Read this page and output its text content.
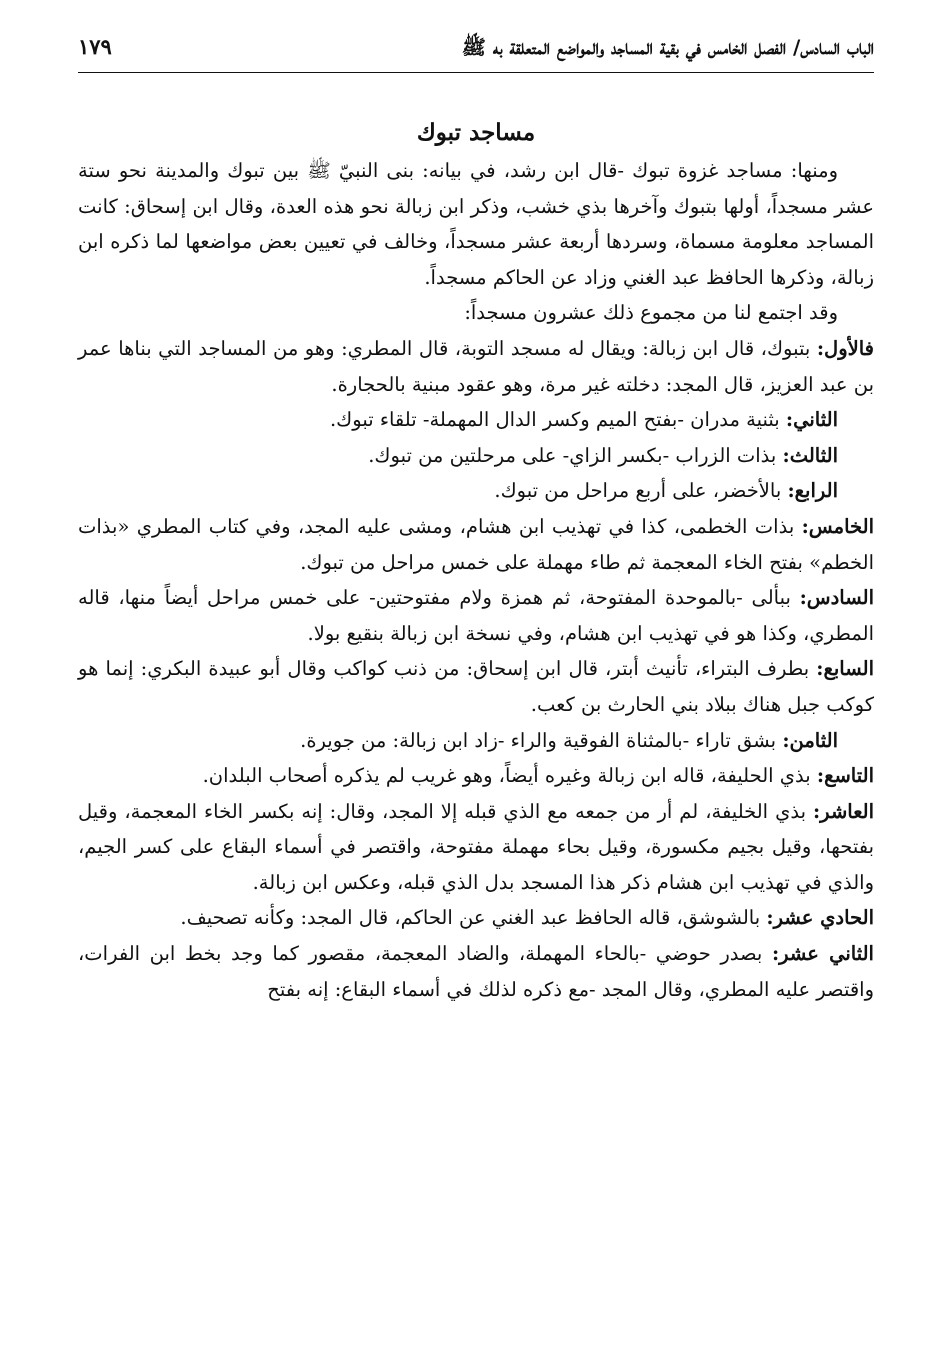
الباب السادس/ الفصل الخامس في بقية المساجد والمواضع المتعلقة به ﷺ
١٧٩
مساجد تبوك

ومنها: مساجد غزوة تبوك -قال ابن رشد، في بيانه: بنى النبيّ ﷺ بين تبوك والمدينة نحو ستة عشر مسجداً، أولها بتبوك وآخرها بذي خشب، وذكر ابن زبالة نحو هذه العدة، وقال ابن إسحاق: كانت المساجد معلومة مسماة، وسردها أربعة عشر مسجداً، وخالف في تعيين بعض مواضعها لما ذكره ابن زبالة، وذكرها الحافظ عبد الغني وزاد عن الحاكم مسجداً.

وقد اجتمع لنا من مجموع ذلك عشرون مسجداً:

فالأول: بتبوك، قال ابن زبالة: ويقال له مسجد التوبة، قال المطري: وهو من المساجد التي بناها عمر بن عبد العزيز، قال المجد: دخلته غير مرة، وهو عقود مبنية بالحجارة.

الثاني: بثنية مدران -بفتح الميم وكسر الدال المهملة- تلقاء تبوك.

الثالث: بذات الزراب -بكسر الزاي- على مرحلتين من تبوك.

الرابع: بالأخضر، على أربع مراحل من تبوك.

الخامس: بذات الخطمى، كذا في تهذيب ابن هشام، ومشى عليه المجد، وفي كتاب المطري «بذات الخطم» بفتح الخاء المعجمة ثم طاء مهملة على خمس مراحل من تبوك.

السادس: ببألى -بالموحدة المفتوحة، ثم همزة ولام مفتوحتين- على خمس مراحل أيضاً منها، قاله المطري، وكذا هو في تهذيب ابن هشام، وفي نسخة ابن زبالة بنقيع بولا.

السابع: بطرف البتراء، تأنيث أبتر، قال ابن إسحاق: من ذنب كواكب وقال أبو عبيدة البكري: إنما هو كوكب جبل هناك ببلاد بني الحارث بن كعب.

الثامن: بشق تاراء -بالمثناة الفوقية والراء -زاد ابن زبالة: من جويرة.

التاسع: بذي الحليفة، قاله ابن زبالة وغيره أيضاً، وهو غريب لم يذكره أصحاب البلدان.

العاشر: بذي الخليفة، لم أر من جمعه مع الذي قبله إلا المجد، وقال: إنه بكسر الخاء المعجمة، وقيل بفتحها، وقيل بجيم مكسورة، وقيل بحاء مهملة مفتوحة، واقتصر في أسماء البقاع على كسر الجيم، والذي في تهذيب ابن هشام ذكر هذا المسجد بدل الذي قبله، وعكس ابن زبالة.

الحادي عشر: بالشوشق، قاله الحافظ عبد الغني عن الحاكم، قال المجد: وكأنه تصحيف.

الثاني عشر: بصدر حوضي -بالحاء المهملة، والضاد المعجمة، مقصور كما وجد بخط ابن الفرات، واقتصر عليه المطري، وقال المجد -مع ذكره لذلك في أسماء البقاع: إنه بفتح
